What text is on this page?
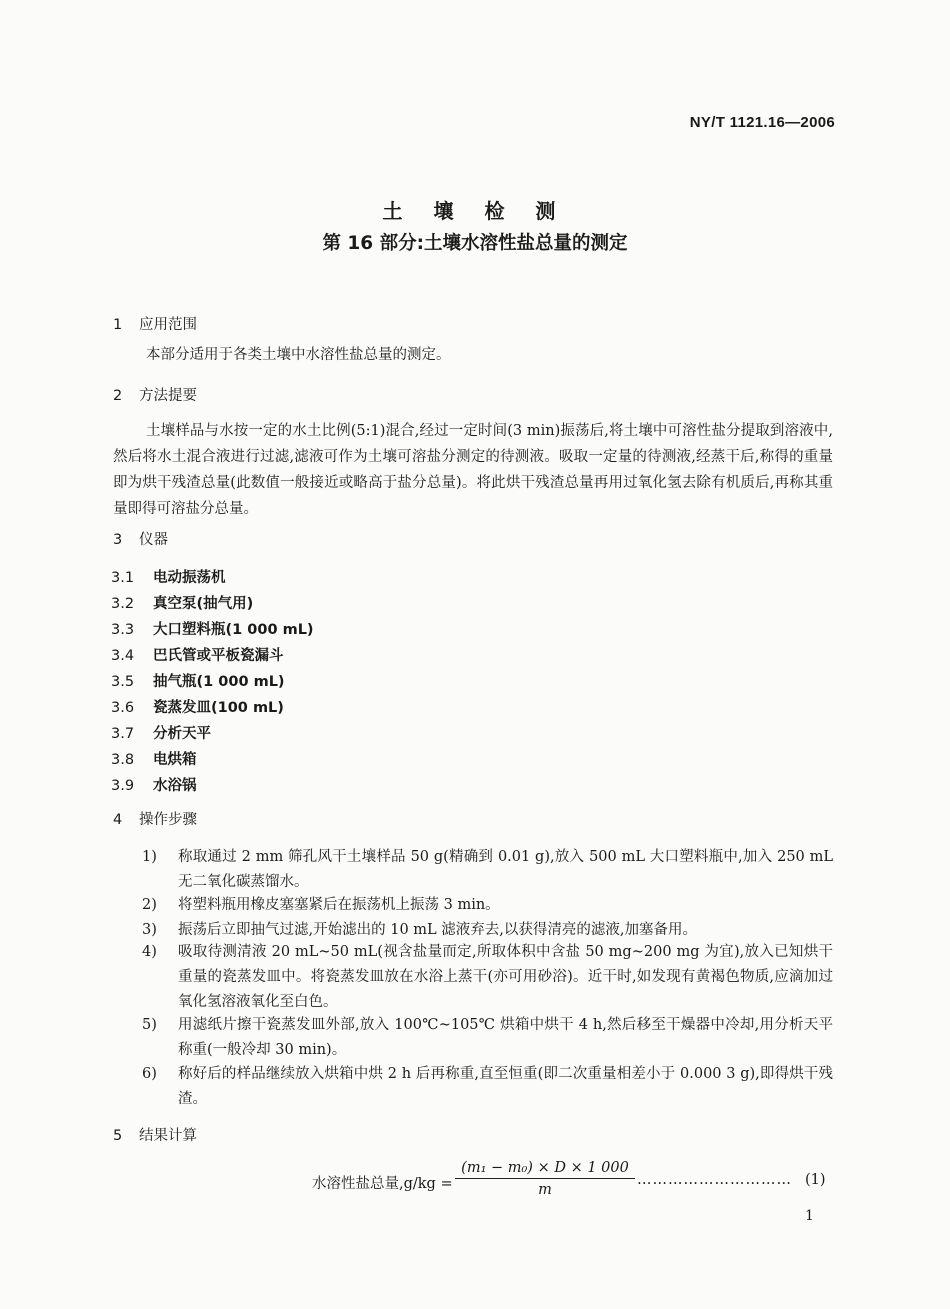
NY/T 1121.16—2006
土 壤 检 测
第 16 部分:土壤水溶性盐总量的测定
1 应用范围
本部分适用于各类土壤中水溶性盐总量的测定。
2 方法提要
土壤样品与水按一定的水土比例(5:1)混合,经过一定时间(3 min)振荡后,将土壤中可溶性盐分提取到溶液中,然后将水土混合液进行过滤,滤液可作为土壤可溶盐分测定的待测液。吸取一定量的待测液,经蒸干后,称得的重量即为烘干残渣总量(此数值一般接近或略高于盐分总量)。将此烘干残渣总量再用过氧化氢去除有机质后,再称其重量即得可溶盐分总量。
3 仪器
3.1 电动振荡机
3.2 真空泵(抽气用)
3.3 大口塑料瓶(1 000 mL)
3.4 巴氏管或平板瓷漏斗
3.5 抽气瓶(1 000 mL)
3.6 瓷蒸发皿(100 mL)
3.7 分析天平
3.8 电烘箱
3.9 水浴锅
4 操作步骤
1)	称取通过 2 mm 筛孔风干土壤样品 50 g(精确到 0.01 g),放入 500 mL 大口塑料瓶中,加入 250 mL无二氧化碳蒸馏水。
2)	将塑料瓶用橡皮塞塞紧后在振荡机上振荡 3 min。
3)	振荡后立即抽气过滤,开始滤出的 10 mL 滤液弃去,以获得清亮的滤液,加塞备用。
4)	吸取待测清液 20 mL~50 mL(视含盐量而定,所取体积中含盐 50 mg~200 mg 为宜),放入已知烘干重量的瓷蒸发皿中。将瓷蒸发皿放在水浴上蒸干(亦可用砂浴)。近干时,如发现有黄褐色物质,应滴加过氧化氢溶液氧化至白色。
5)	用滤纸片擦干瓷蒸发皿外部,放入 100℃~105℃ 烘箱中烘干 4 h,然后移至干燥器中冷却,用分析天平称重(一般冷却 30 min)。
6)	称好后的样品继续放入烘箱中烘 2 h 后再称重,直至恒重(即二次重量相差小于 0.000 3 g),即得烘干残渣。
5 结果计算
水溶性盐总量$,g/kg = \frac{\text{(m₁ − m₀) × D × 1 000}}{m}$ ………………………… (1)
1
